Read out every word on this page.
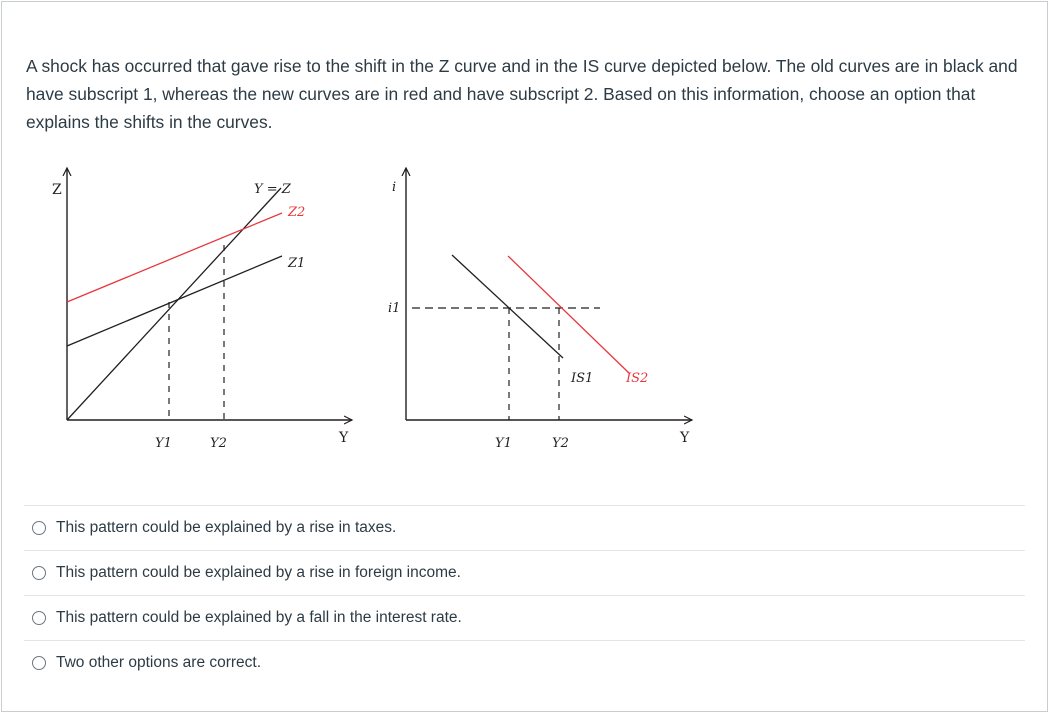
A shock has occurred that gave rise to the shift in the Z curve and in the IS curve depicted below. The old curves are in black and have subscript 1, whereas the new curves are in red and have subscript 2. Based on this information, choose an option that explains the shifts in the curves.
Z
Y
Y = Z
Z2
Z1
Y1	Y2
i
Y
i1
IS1	IS2
Y1	Y2
This pattern could be explained by a rise in taxes.
This pattern could be explained by a rise in foreign income.
This pattern could be explained by a fall in the interest rate.
Two other options are correct.
